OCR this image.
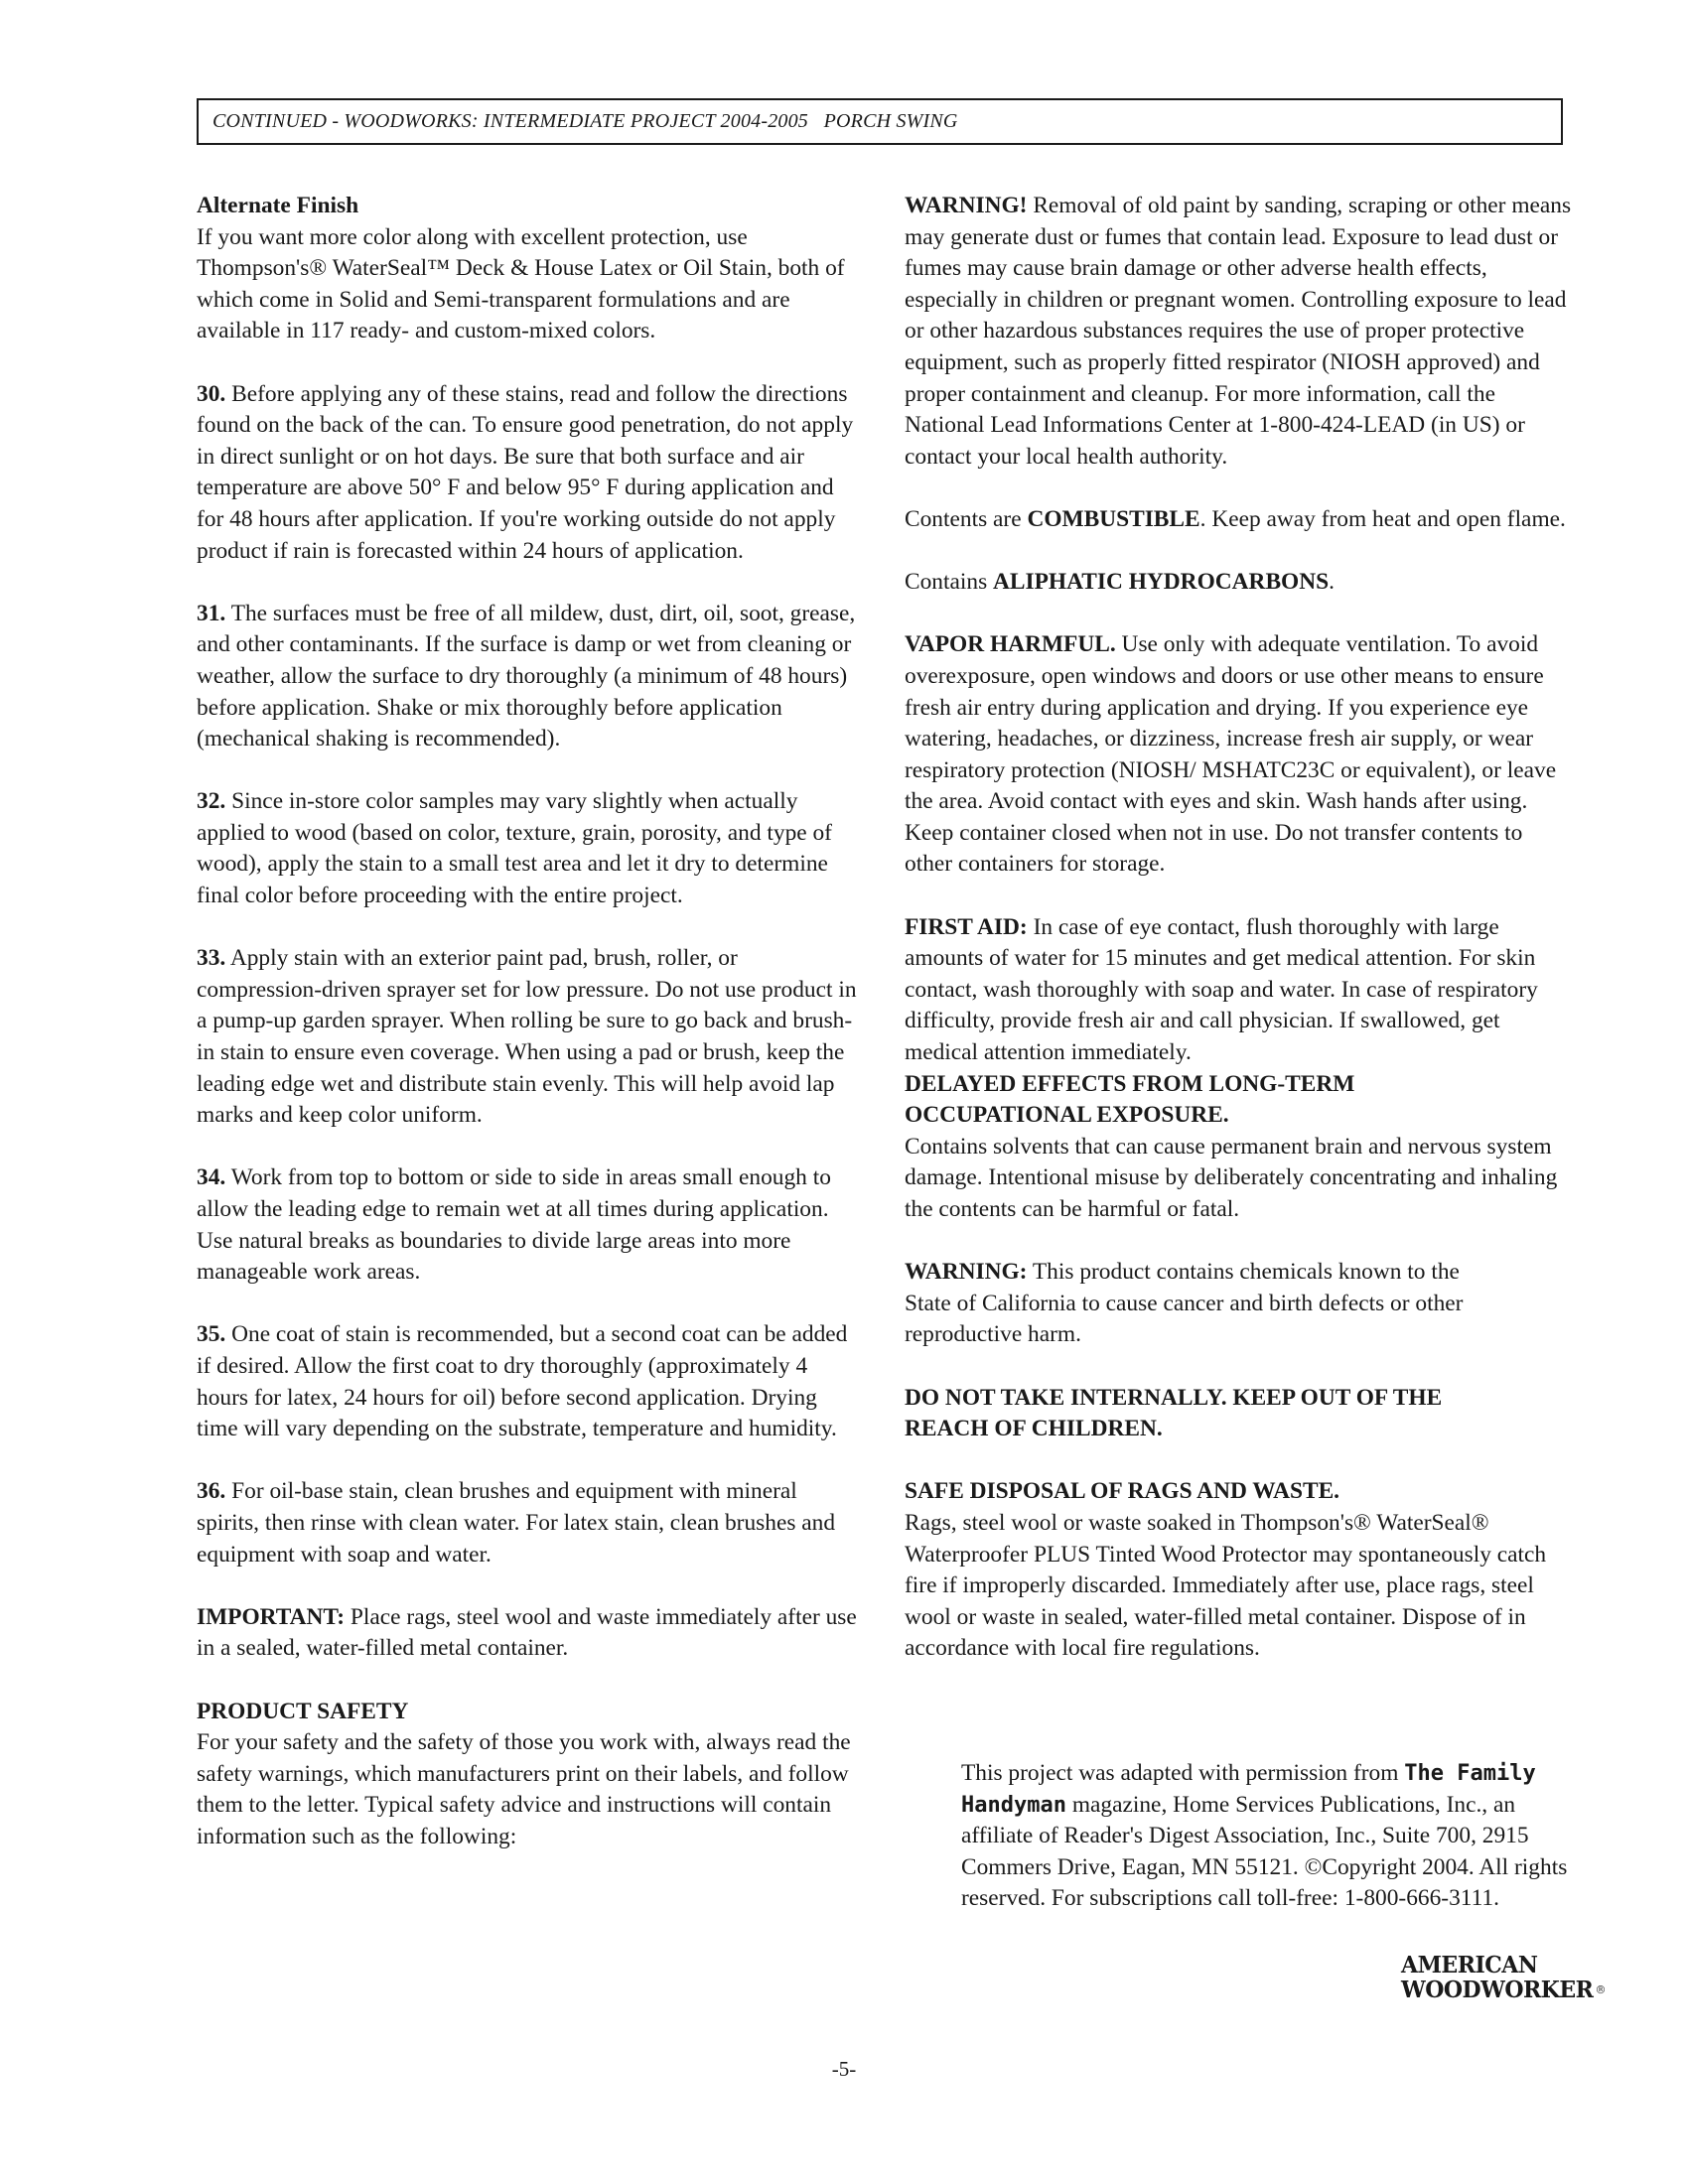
CONTINUED - WOODWORKS: INTERMEDIATE PROJECT 2004-2005   PORCH SWING
Alternate Finish
If you want more color along with excellent protection, use Thompson's® WaterSeal™ Deck & House Latex or Oil Stain, both of which come in Solid and Semi-transparent formulations and are available in 117 ready- and custom-mixed colors.
30. Before applying any of these stains, read and follow the directions found on the back of the can. To ensure good penetration, do not apply in direct sunlight or on hot days. Be sure that both surface and air temperature are above 50° F and below 95° F during application and for 48 hours after application. If you're working outside do not apply product if rain is forecasted within 24 hours of application.
31. The surfaces must be free of all mildew, dust, dirt, oil, soot, grease, and other contaminants. If the surface is damp or wet from cleaning or weather, allow the surface to dry thoroughly (a minimum of 48 hours) before application. Shake or mix thoroughly before application (mechanical shaking is recommended).
32. Since in-store color samples may vary slightly when actually applied to wood (based on color, texture, grain, porosity, and type of wood), apply the stain to a small test area and let it dry to determine final color before proceeding with the entire project.
33. Apply stain with an exterior paint pad, brush, roller, or compression-driven sprayer set for low pressure. Do not use product in a pump-up garden sprayer. When rolling be sure to go back and brush-in stain to ensure even coverage. When using a pad or brush, keep the leading edge wet and distribute stain evenly. This will help avoid lap marks and keep color uniform.
34. Work from top to bottom or side to side in areas small enough to allow the leading edge to remain wet at all times during application. Use natural breaks as boundaries to divide large areas into more manageable work areas.
35. One coat of stain is recommended, but a second coat can be added if desired. Allow the first coat to dry thoroughly (approximately 4 hours for latex, 24 hours for oil) before second application. Drying time will vary depending on the substrate, temperature and humidity.
36. For oil-base stain, clean brushes and equipment with mineral spirits, then rinse with clean water. For latex stain, clean brushes and equipment with soap and water.
IMPORTANT: Place rags, steel wool and waste immediately after use in a sealed, water-filled metal container.
PRODUCT SAFETY
For your safety and the safety of those you work with, always read the safety warnings, which manufacturers print on their labels, and follow them to the letter. Typical safety advice and instructions will contain information such as the following:
WARNING! Removal of old paint by sanding, scraping or other means may generate dust or fumes that contain lead. Exposure to lead dust or fumes may cause brain damage or other adverse health effects, especially in children or pregnant women. Controlling exposure to lead or other hazardous substances requires the use of proper protective equipment, such as properly fitted respirator (NIOSH approved) and proper containment and cleanup. For more information, call the National Lead Informations Center at 1-800-424-LEAD (in US) or contact your local health authority.
Contents are COMBUSTIBLE. Keep away from heat and open flame.
Contains ALIPHATIC HYDROCARBONS.
VAPOR HARMFUL. Use only with adequate ventilation. To avoid overexposure, open windows and doors or use other means to ensure fresh air entry during application and drying. If you experience eye watering, headaches, or dizziness, increase fresh air supply, or wear respiratory protection (NIOSH/ MSHATC23C or equivalent), or leave the area. Avoid contact with eyes and skin. Wash hands after using. Keep container closed when not in use. Do not transfer contents to other containers for storage.
FIRST AID: In case of eye contact, flush thoroughly with large amounts of water for 15 minutes and get medical attention. For skin contact, wash thoroughly with soap and water. In case of respiratory difficulty, provide fresh air and call physician. If swallowed, get medical attention immediately.
DELAYED EFFECTS FROM LONG-TERM OCCUPATIONAL EXPOSURE.
Contains solvents that can cause permanent brain and nervous system damage. Intentional misuse by deliberately concentrating and inhaling the contents can be harmful or fatal.
WARNING: This product contains chemicals known to the State of California to cause cancer and birth defects or other reproductive harm.
DO NOT TAKE INTERNALLY. KEEP OUT OF THE REACH OF CHILDREN.
SAFE DISPOSAL OF RAGS AND WASTE.
Rags, steel wool or waste soaked in Thompson's® WaterSeal® Waterproofer PLUS Tinted Wood Protector may spontaneously catch fire if improperly discarded. Immediately after use, place rags, steel wool or waste in sealed, water-filled metal container. Dispose of in accordance with local fire regulations.
This project was adapted with permission from The Family Handyman magazine, Home Services Publications, Inc., an affiliate of Reader's Digest Association, Inc., Suite 700, 2915 Commers Drive, Eagan, MN 55121. ©Copyright 2004. All rights reserved. For subscriptions call toll-free: 1-800-666-3111.
AMERICAN
WOODWORKER ®
-5-
